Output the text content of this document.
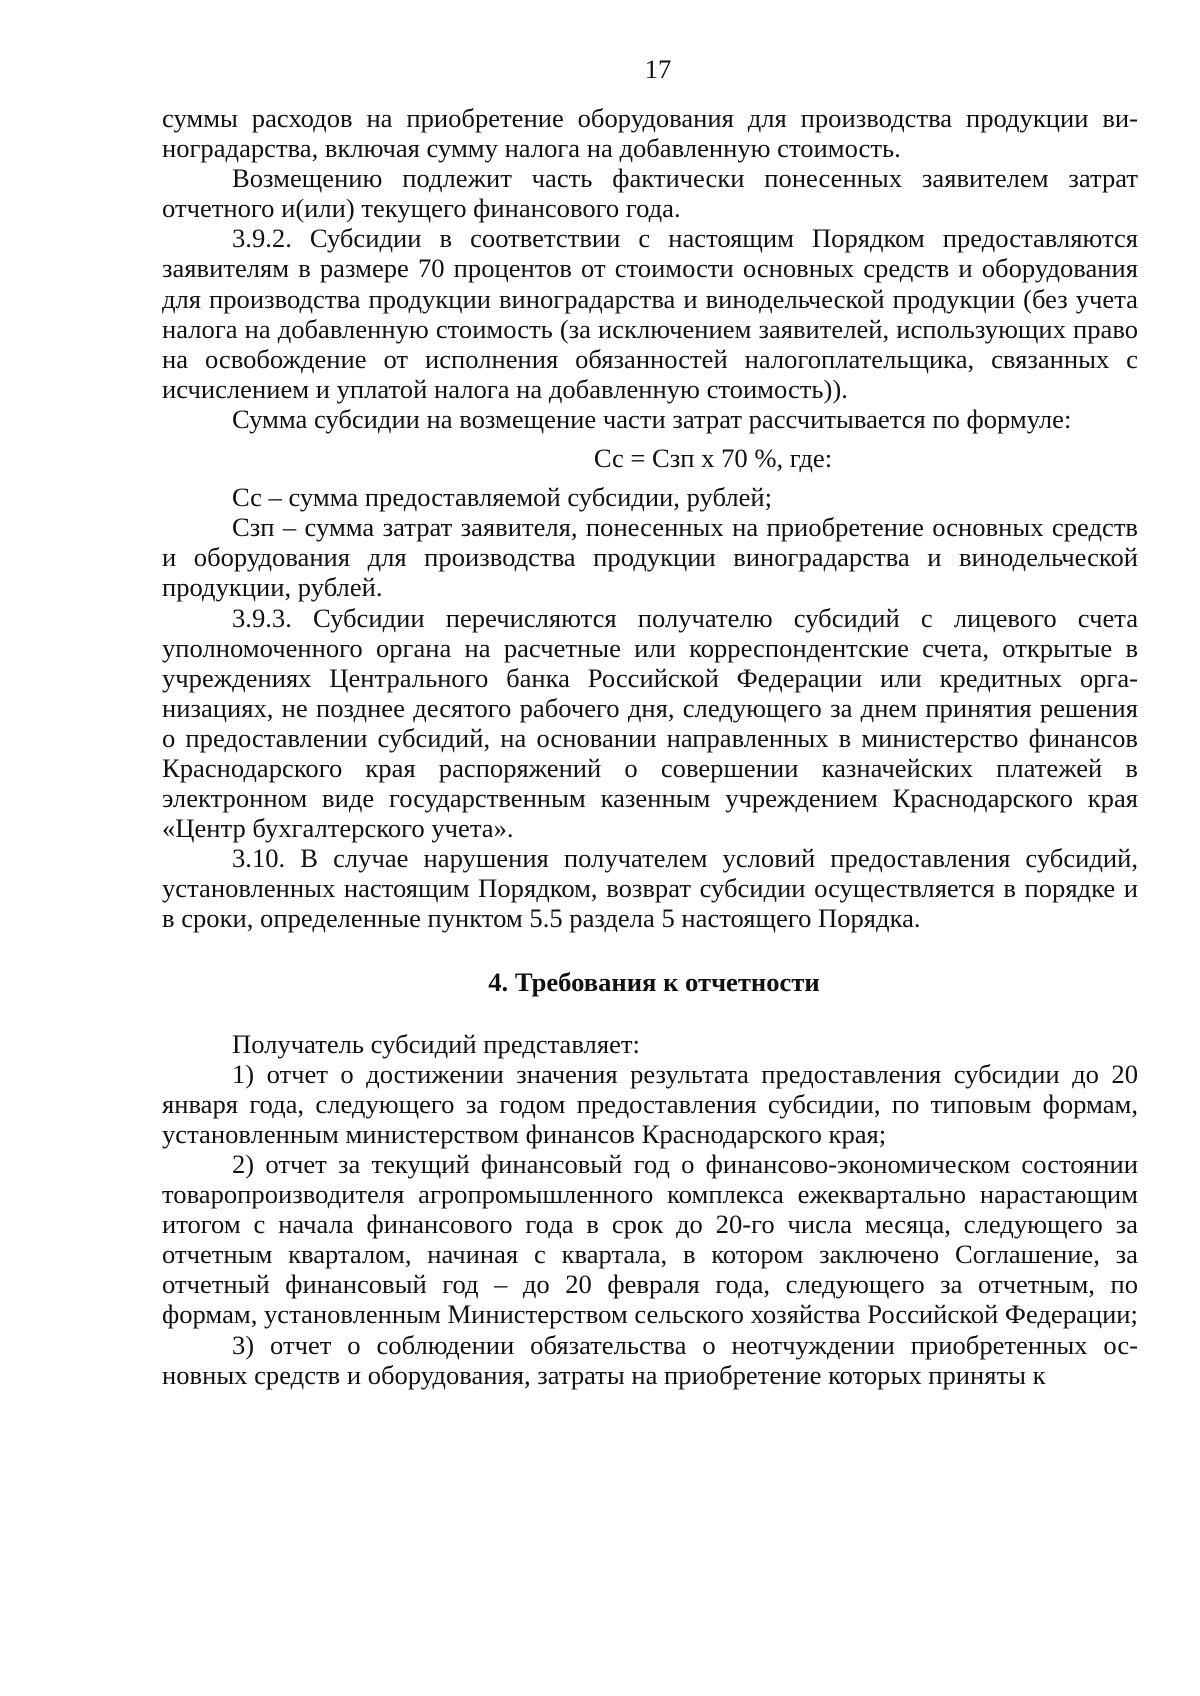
17

суммы расходов на приобретение оборудования для производства продукции виноградарства, включая сумму налога на добавленную стоимость.

Возмещению подлежит часть фактически понесенных заявителем затрат отчетного и(или) текущего финансового года.

3.9.2. Субсидии в соответствии с настоящим Порядком предоставляются заявителям в размере 70 процентов от стоимости основных средств и оборудования для производства продукции виноградарства и винодельческой продукции (без учета налога на добавленную стоимость (за исключением заявителей, использующих право на освобождение от исполнения обязанностей налогоплательщика, связанных с исчислением и уплатой налога на добавленную стоимость)).

Сумма субсидии на возмещение части затрат рассчитывается по формуле:

Сс = Сзп х 70 %, где:

Сс – сумма предоставляемой субсидии, рублей;

Сзп – сумма затрат заявителя, понесенных на приобретение основных средств и оборудования для производства продукции виноградарства и винодельческой продукции, рублей.

3.9.3. Субсидии перечисляются получателю субсидий с лицевого счета уполномоченного органа на расчетные или корреспондентские счета, открытые в учреждениях Центрального банка Российской Федерации или кредитных организациях, не позднее десятого рабочего дня, следующего за днем принятия решения о предоставлении субсидий, на основании направленных в министерство финансов Краснодарского края распоряжений о совершении казначейских платежей в электронном виде государственным казенным учреждением Краснодарского края «Центр бухгалтерского учета».

3.10. В случае нарушения получателем условий предоставления субсидий, установленных настоящим Порядком, возврат субсидии осуществляется в порядке и в сроки, определенные пунктом 5.5 раздела 5 настоящего Порядка.

4. Требования к отчетности

Получатель субсидий представляет:

1) отчет о достижении значения результата предоставления субсидии до 20 января года, следующего за годом предоставления субсидии, по типовым формам, установленным министерством финансов Краснодарского края;

2) отчет за текущий финансовый год о финансово-экономическом состоянии товаропроизводителя агропромышленного комплекса ежеквартально нарастающим итогом с начала финансового года в срок до 20-го числа месяца, следующего за отчетным кварталом, начиная с квартала, в котором заключено Соглашение, за отчетный финансовый год – до 20 февраля года, следующего за отчетным, по формам, установленным Министерством сельского хозяйства Российской Федерации;

3) отчет о соблюдении обязательства о неотчуждении приобретенных основных средств и оборудования, затраты на приобретение которых приняты к
